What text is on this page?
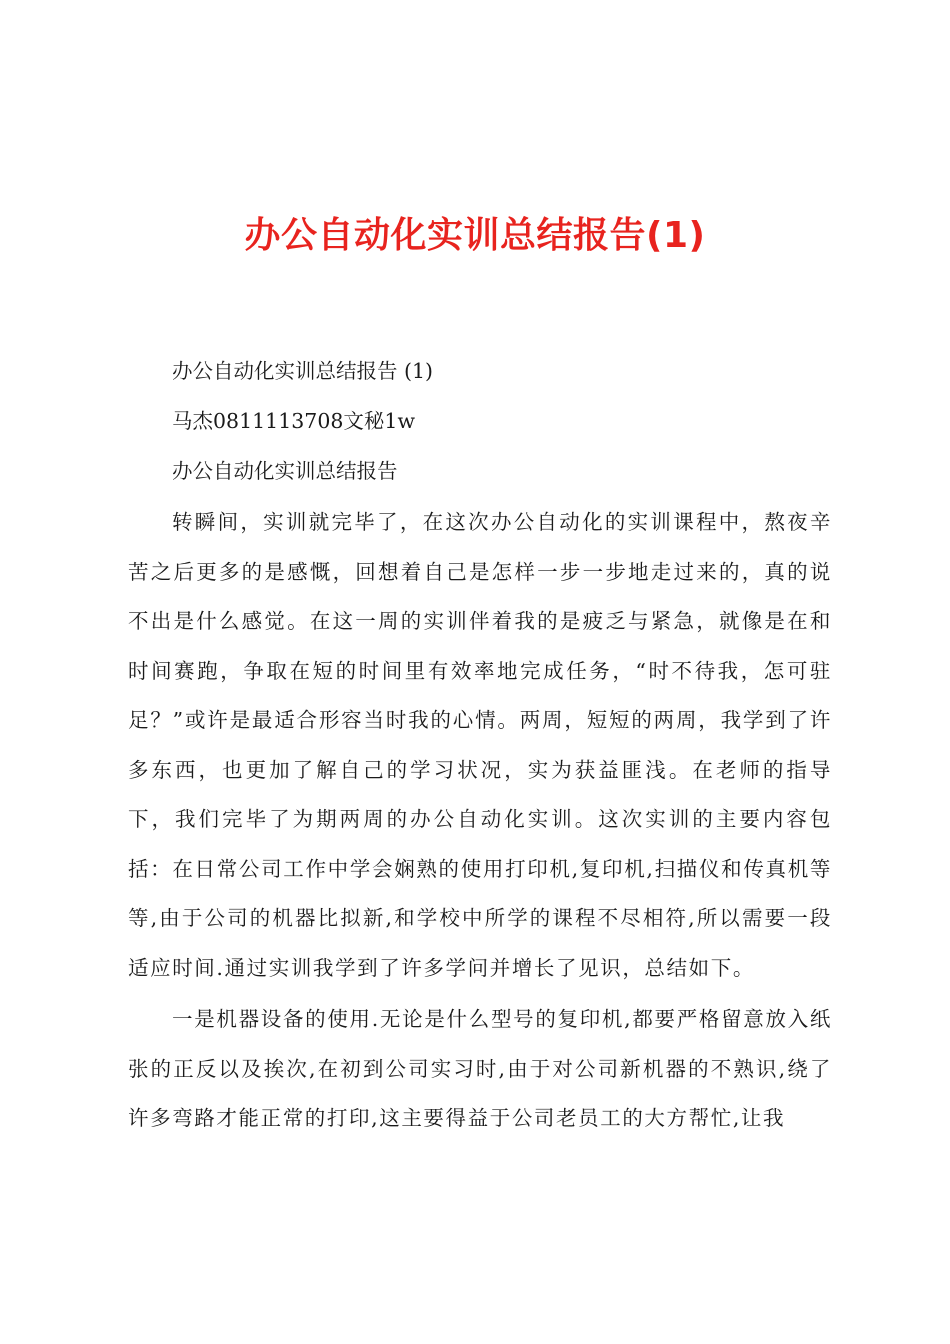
办公自动化实训总结报告(1)

办公自动化实训总结报告 (1)

马杰0811113708文秘1w

办公自动化实训总结报告

转瞬间，实训就完毕了，在这次办公自动化的实训课程中，熬夜辛苦之后更多的是感慨，回想着自己是怎样一步一步地走过来的，真的说不出是什么感觉。在这一周的实训伴着我的是疲乏与紧急，就像是在和时间赛跑，争取在短的时间里有效率地完成任务，“时不待我，怎可驻足？”或许是最适合形容当时我的心情。两周，短短的两周，我学到了许多东西，也更加了解自己的学习状况，实为获益匪浅。在老师的指导下，我们完毕了为期两周的办公自动化实训。这次实训的主要内容包括：在日常公司工作中学会娴熟的使用打印机,复印机,扫描仪和传真机等等,由于公司的机器比拟新,和学校中所学的课程不尽相符,所以需要一段适应时间.通过实训我学到了许多学问并增长了见识，总结如下。

一是机器设备的使用.无论是什么型号的复印机,都要严格留意放入纸张的正反以及挨次,在初到公司实习时,由于对公司新机器的不熟识,绕了许多弯路才能正常的打印,这主要得益于公司老员工的大方帮忙,让我
